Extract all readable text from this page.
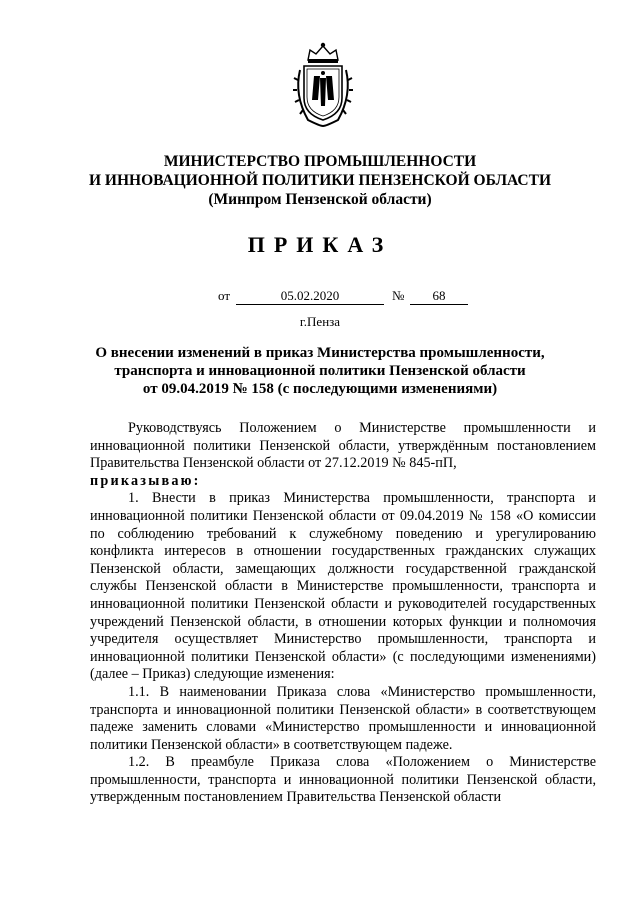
МИНИСТЕРСТВО ПРОМЫШЛЕННОСТИ
И ИННОВАЦИОННОЙ ПОЛИТИКИ ПЕНЗЕНСКОЙ ОБЛАСТИ
(Минпром Пензенской области)
ПРИКАЗ
от	05.02.2020	№	68
г.Пенза
О внесении изменений в приказ Министерства промышленности,
транспорта и инновационной политики Пензенской области
от 09.04.2019 № 158 (с последующими изменениями)

Руководствуясь Положением о Министерстве промышленности и инновационной политики Пензенской области, утверждённым постановлением Правительства Пензенской области от 27.12.2019 № 845-пП,

приказываю:

1. Внести в приказ Министерства промышленности, транспорта и инновационной политики Пензенской области от 09.04.2019 № 158 «О комиссии по соблюдению требований к служебному поведению и урегулированию конфликта интересов в отношении государственных гражданских служащих Пензенской области, замещающих должности государственной гражданской службы Пензенской области в Министерстве промышленности, транспорта и инновационной политики Пензенской области и руководителей государственных учреждений Пензенской области, в отношении которых функции и полномочия учредителя осуществляет Министерство промышленности, транспорта и инновационной политики Пензенской области» (с последующими изменениями) (далее – Приказ) следующие изменения:

1.1. В наименовании Приказа слова «Министерство промышленности, транспорта и инновационной политики Пензенской области» в соответствующем падеже заменить словами «Министерство промышленности и инновационной политики Пензенской области» в соответствующем падеже.

1.2. В преамбуле Приказа слова «Положением о Министерстве промышленности, транспорта и инновационной политики Пензенской области, утвержденным постановлением Правительства Пензенской области
